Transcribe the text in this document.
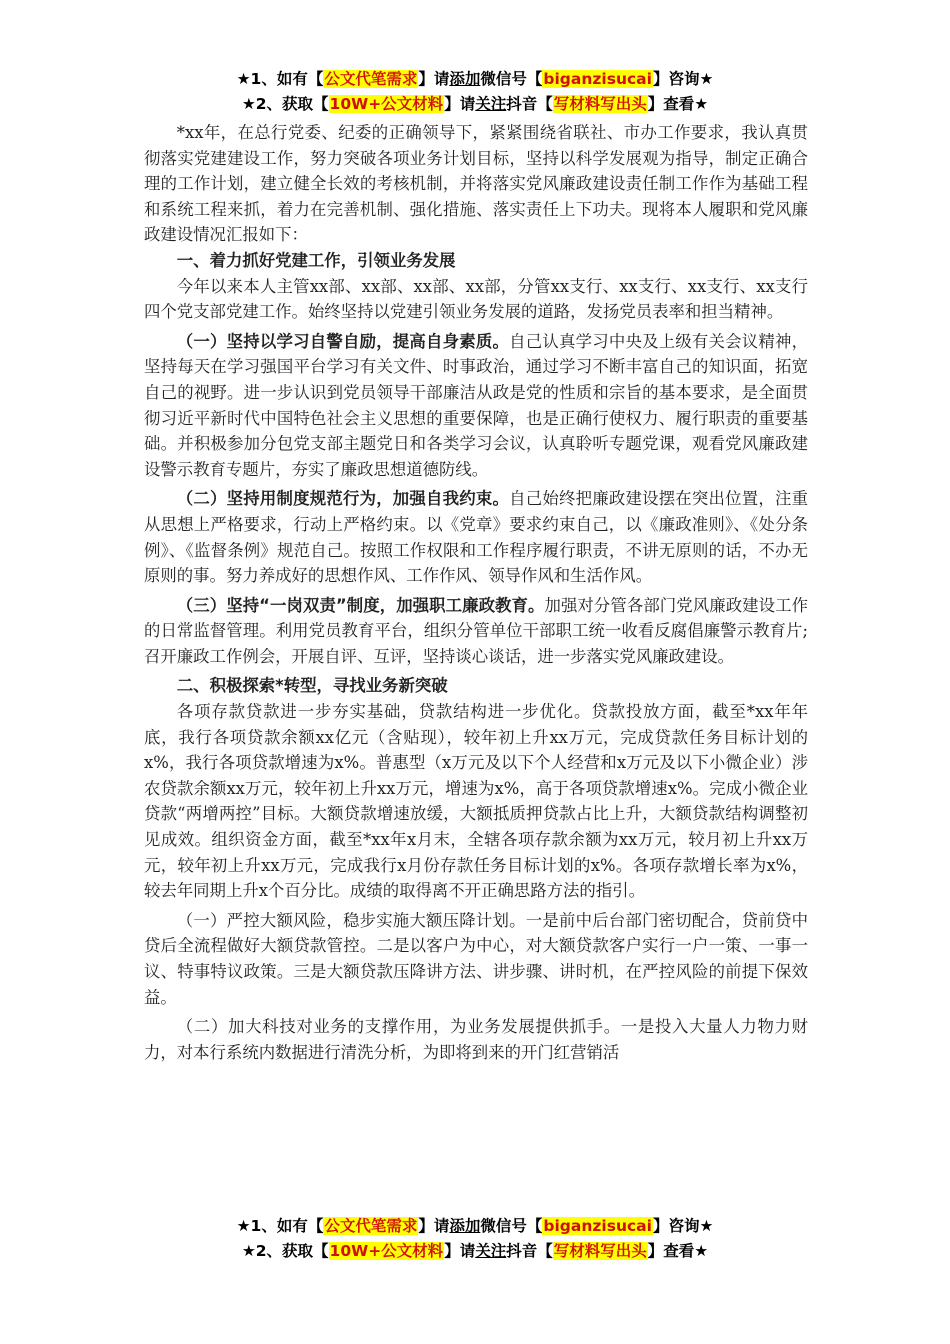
★1、如有【公文代笔需求】请添加微信号【biganzisucai】咨询★
★2、获取【10W+公文材料】请关注抖音【写材料写出头】查看★

*xx年，在总行党委、纪委的正确领导下，紧紧围绕省联社、市办工作要求，我认真贯彻落实党建建设工作，努力突破各项业务计划目标，坚持以科学发展观为指导，制定正确合理的工作计划，建立健全长效的考核机制，并将落实党风廉政建设责任制工作作为基础工程和系统工程来抓，着力在完善机制、强化措施、落实责任上下功夫。现将本人履职和党风廉政建设情况汇报如下：

一、着力抓好党建工作，引领业务发展

今年以来本人主管xx部、xx部、xx部、xx部，分管xx支行、xx支行、xx支行、xx支行四个党支部党建工作。始终坚持以党建引领业务发展的道路，发扬党员表率和担当精神。

（一）坚持以学习自警自励，提高自身素质。自己认真学习中央及上级有关会议精神，坚持每天在学习强国平台学习有关文件、时事政治，通过学习不断丰富自己的知识面，拓宽自己的视野。进一步认识到党员领导干部廉洁从政是党的性质和宗旨的基本要求，是全面贯彻习近平新时代中国特色社会主义思想的重要保障，也是正确行使权力、履行职责的重要基础。并积极参加分包党支部主题党日和各类学习会议，认真聆听专题党课，观看党风廉政建设警示教育专题片，夯实了廉政思想道德防线。

（二）坚持用制度规范行为，加强自我约束。自己始终把廉政建设摆在突出位置，注重从思想上严格要求，行动上严格约束。以《党章》要求约束自己，以《廉政准则》、《处分条例》、《监督条例》规范自己。按照工作权限和工作程序履行职责，不讲无原则的话，不办无原则的事。努力养成好的思想作风、工作作风、领导作风和生活作风。

（三）坚持“一岗双责”制度，加强职工廉政教育。加强对分管各部门党风廉政建设工作的日常监督管理。利用党员教育平台，组织分管单位干部职工统一收看反腐倡廉警示教育片;召开廉政工作例会，开展自评、互评，坚持谈心谈话，进一步落实党风廉政建设。

二、积极探索*转型，寻找业务新突破

各项存款贷款进一步夯实基础，贷款结构进一步优化。贷款投放方面，截至*xx年年底，我行各项贷款余额xx亿元（含贴现），较年初上升xx万元，完成贷款任务目标计划的x%，我行各项贷款增速为x%。普惠型（x万元及以下个人经营和x万元及以下小微企业）涉农贷款余额xx万元，较年初上升xx万元，增速为x%，高于各项贷款增速x%。完成小微企业贷款“两增两控”目标。大额贷款增速放缓，大额抵质押贷款占比上升，大额贷款结构调整初见成效。组织资金方面，截至*xx年x月末，全辖各项存款余额为xx万元，较月初上升xx万元，较年初上升xx万元，完成我行x月份存款任务目标计划的x%。各项存款增长率为x%，较去年同期上升x个百分比。成绩的取得离不开正确思路方法的指引。

（一）严控大额风险，稳步实施大额压降计划。一是前中后台部门密切配合，贷前贷中贷后全流程做好大额贷款管控。二是以客户为中心，对大额贷款客户实行一户一策、一事一议、特事特议政策。三是大额贷款压降讲方法、讲步骤、讲时机，在严控风险的前提下保效益。

（二）加大科技对业务的支撑作用，为业务发展提供抓手。一是投入大量人力物力财力，对本行系统内数据进行清洗分析，为即将到来的开门红营销活

★1、如有【公文代笔需求】请添加微信号【biganzisucai】咨询★
★2、获取【10W+公文材料】请关注抖音【写材料写出头】查看★
